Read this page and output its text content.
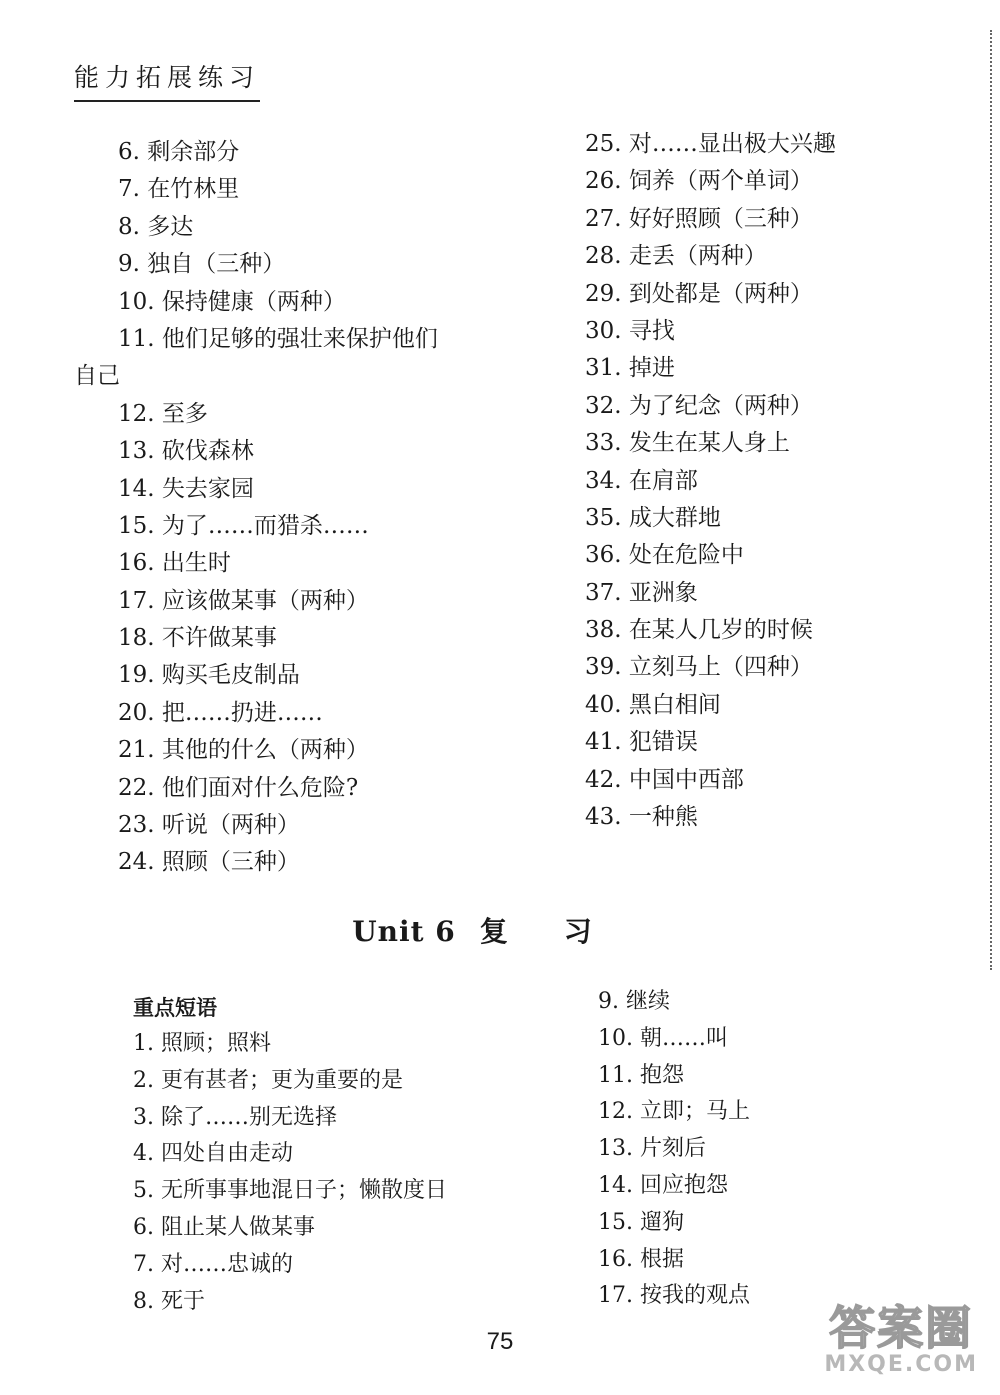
能力拓展练习
6. 剩余部分
7. 在竹林里
8. 多达
9. 独自（三种）
10. 保持健康（两种）
11. 他们足够的强壮来保护他们
自己
12. 至多
13. 砍伐森林
14. 失去家园
15. 为了……而猎杀……
16. 出生时
17. 应该做某事（两种）
18. 不许做某事
19. 购买毛皮制品
20. 把……扔进……
21. 其他的什么（两种）
22. 他们面对什么危险?
23. 听说（两种）
24. 照顾（三种）
25. 对……显出极大兴趣
26. 饲养（两个单词）
27. 好好照顾（三种）
28. 走丢（两种）
29. 到处都是（两种）
30. 寻找
31. 掉进
32. 为了纪念（两种）
33. 发生在某人身上
34. 在肩部
35. 成大群地
36. 处在危险中
37. 亚洲象
38. 在某人几岁的时候
39. 立刻马上（四种）
40. 黑白相间
41. 犯错误
42. 中国中西部
43. 一种熊
Unit 6 复习
重点短语
1. 照顾；照料
2. 更有甚者；更为重要的是
3. 除了……别无选择
4. 四处自由走动
5. 无所事事地混日子；懒散度日
6. 阻止某人做某事
7. 对……忠诚的
8. 死于
9. 继续
10. 朝……叫
11. 抱怨
12. 立即；马上
13. 片刻后
14. 回应抱怨
15. 遛狗
16. 根据
17. 按我的观点
75	答案圈
MXQE.COM
